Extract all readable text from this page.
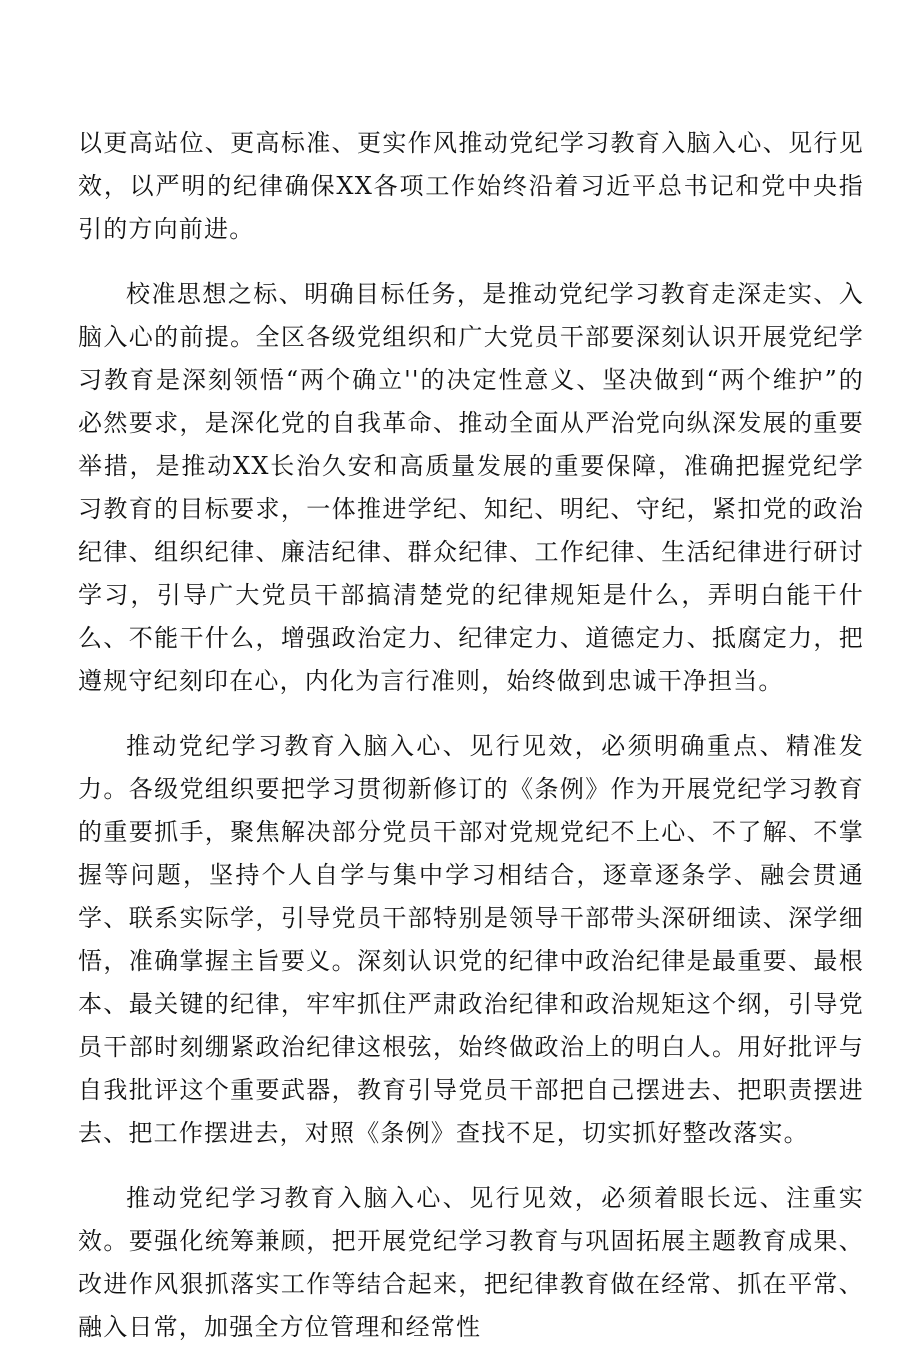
以更高站位、更高标准、更实作风推动党纪学习教育入脑入心、见行见效，以严明的纪律确保XX各项工作始终沿着习近平总书记和党中央指引的方向前进。

校准思想之标、明确目标任务，是推动党纪学习教育走深走实、入脑入心的前提。全区各级党组织和广大党员干部要深刻认识开展党纪学习教育是深刻领悟“两个确立''的决定性意义、坚决做到“两个维护”的必然要求，是深化党的自我革命、推动全面从严治党向纵深发展的重要举措，是推动XX长治久安和高质量发展的重要保障，准确把握党纪学习教育的目标要求，一体推进学纪、知纪、明纪、守纪，紧扣党的政治纪律、组织纪律、廉洁纪律、群众纪律、工作纪律、生活纪律进行研讨学习，引导广大党员干部搞清楚党的纪律规矩是什么，弄明白能干什么、不能干什么，增强政治定力、纪律定力、道德定力、抵腐定力，把遵规守纪刻印在心，内化为言行准则，始终做到忠诚干净担当。

推动党纪学习教育入脑入心、见行见效，必须明确重点、精准发力。各级党组织要把学习贯彻新修订的《条例》作为开展党纪学习教育的重要抓手，聚焦解决部分党员干部对党规党纪不上心、不了解、不掌握等问题，坚持个人自学与集中学习相结合，逐章逐条学、融会贯通学、联系实际学，引导党员干部特别是领导干部带头深研细读、深学细悟，准确掌握主旨要义。深刻认识党的纪律中政治纪律是最重要、最根本、最关键的纪律，牢牢抓住严肃政治纪律和政治规矩这个纲，引导党员干部时刻绷紧政治纪律这根弦，始终做政治上的明白人。用好批评与自我批评这个重要武器，教育引导党员干部把自己摆进去、把职责摆进去、把工作摆进去，对照《条例》查找不足，切实抓好整改落实。

推动党纪学习教育入脑入心、见行见效，必须着眼长远、注重实效。要强化统筹兼顾，把开展党纪学习教育与巩固拓展主题教育成果、改进作风狠抓落实工作等结合起来，把纪律教育做在经常、抓在平常、融入日常，加强全方位管理和经常性
